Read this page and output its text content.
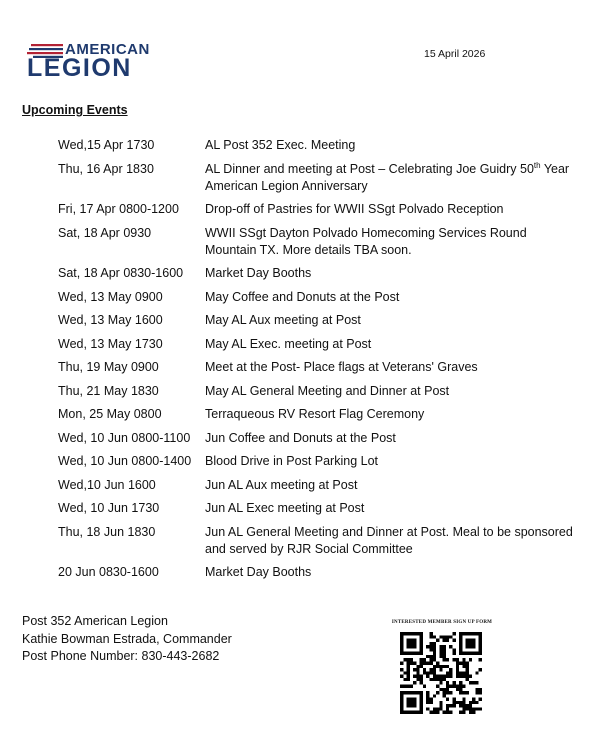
AMERICAN
LEGION	15 April 2026
Upcoming Events
Wed,15 Apr 1730	AL Post 352 Exec. Meeting
Thu, 16 Apr 1830	AL Dinner and meeting at Post – Celebrating Joe Guidry 50th Year American Legion Anniversary
Fri, 17 Apr 0800-1200	Drop-off of Pastries for WWII SSgt Polvado Reception
Sat, 18 Apr 0930	WWII SSgt Dayton Polvado Homecoming Services Round Mountain TX. More details TBA soon.
Sat, 18 Apr 0830-1600	Market Day Booths
Wed, 13 May 0900	May Coffee and Donuts at the Post
Wed, 13 May 1600	May AL Aux meeting at Post
Wed, 13 May 1730	May AL Exec. meeting at Post
Thu, 19 May 0900	Meet at the Post- Place flags at Veterans' Graves
Thu, 21 May 1830	May AL General Meeting and Dinner at Post
Mon, 25 May 0800	Terraqueous RV Resort Flag Ceremony
Wed, 10 Jun 0800-1100	Jun Coffee and Donuts at the Post
Wed, 10 Jun 0800-1400	Blood Drive in Post Parking Lot
Wed,10 Jun 1600	Jun AL Aux meeting at Post
Wed, 10 Jun 1730	Jun AL Exec meeting at Post
Thu, 18 Jun 1830	Jun AL General Meeting and Dinner at Post. Meal to be sponsored and served by RJR Social Committee
20 Jun 0830-1600	Market Day Booths
Post 352 American Legion
Kathie Bowman Estrada, Commander
Post Phone Number: 830-443-2682
INTERESTED MEMBER SIGN UP FORM
